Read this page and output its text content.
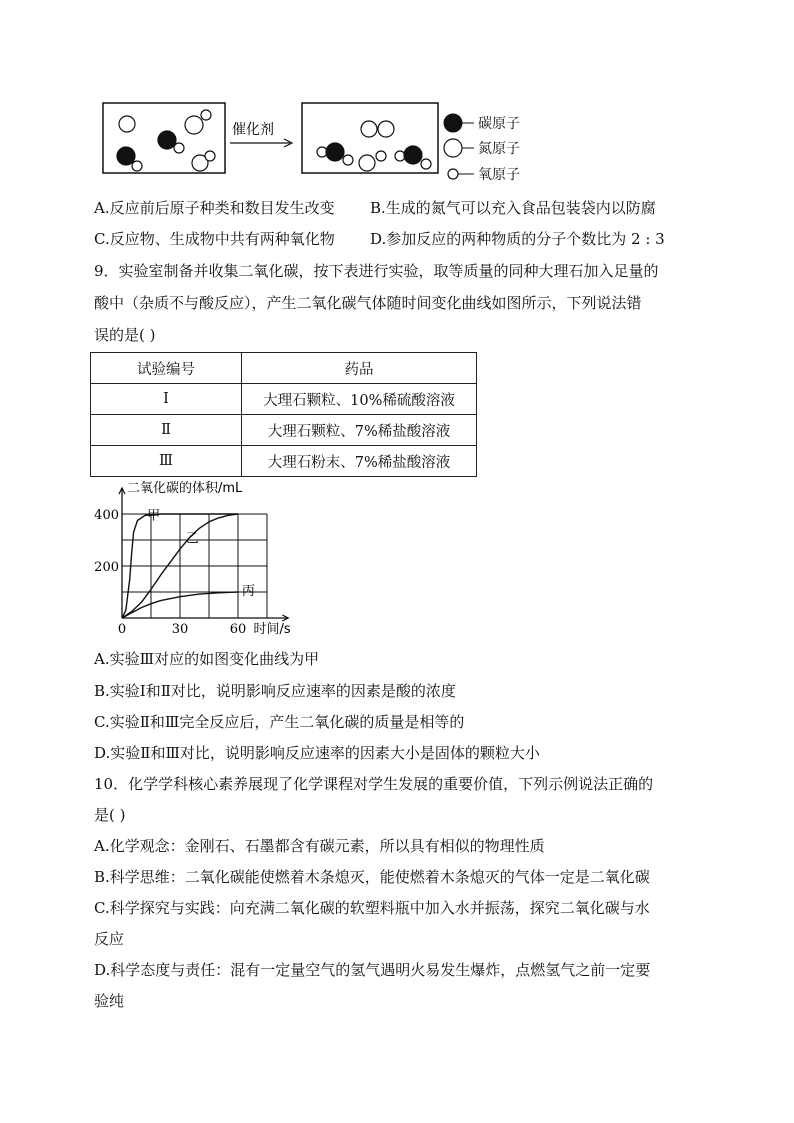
催化剂	碳原子
氮原子
氧原子
A.反应前后原子种类和数目发生改变 B.生成的氮气可以充入食品包装袋内以防腐
C.反应物、生成物中共有两种氧化物 D.参加反应的两种物质的分子个数比为 2 : 3
9．实验室制备并收集二氧化碳，按下表进行实验，取等质量的同种大理石加入足量的
酸中（杂质不与酸反应），产生二氧化碳气体随时间变化曲线如图所示，下列说法错
误的是( )
试验编号	药品
Ⅰ	大理石颗粒、10%稀硫酸溶液
Ⅱ	大理石颗粒、7%稀盐酸溶液
Ⅲ	大理石粉末、7%稀盐酸溶液
二氧化碳的体积/mL
时间/s
0	30	60
200
400 甲
乙
丙
A.实验Ⅲ对应的如图变化曲线为甲
B.实验Ⅰ和Ⅱ对比，说明影响反应速率的因素是酸的浓度
C.实验Ⅱ和Ⅲ完全反应后，产生二氧化碳的质量是相等的
D.实验Ⅱ和Ⅲ对比，说明影响反应速率的因素大小是固体的颗粒大小
10．化学学科核心素养展现了化学课程对学生发展的重要价值，下列示例说法正确的
是( )
A.化学观念：金刚石、石墨都含有碳元素，所以具有相似的物理性质
B.科学思维：二氧化碳能使燃着木条熄灭，能使燃着木条熄灭的气体一定是二氧化碳
C.科学探究与实践：向充满二氧化碳的软塑料瓶中加入水并振荡，探究二氧化碳与水
反应
D.科学态度与责任：混有一定量空气的氢气遇明火易发生爆炸，点燃氢气之前一定要
验纯
